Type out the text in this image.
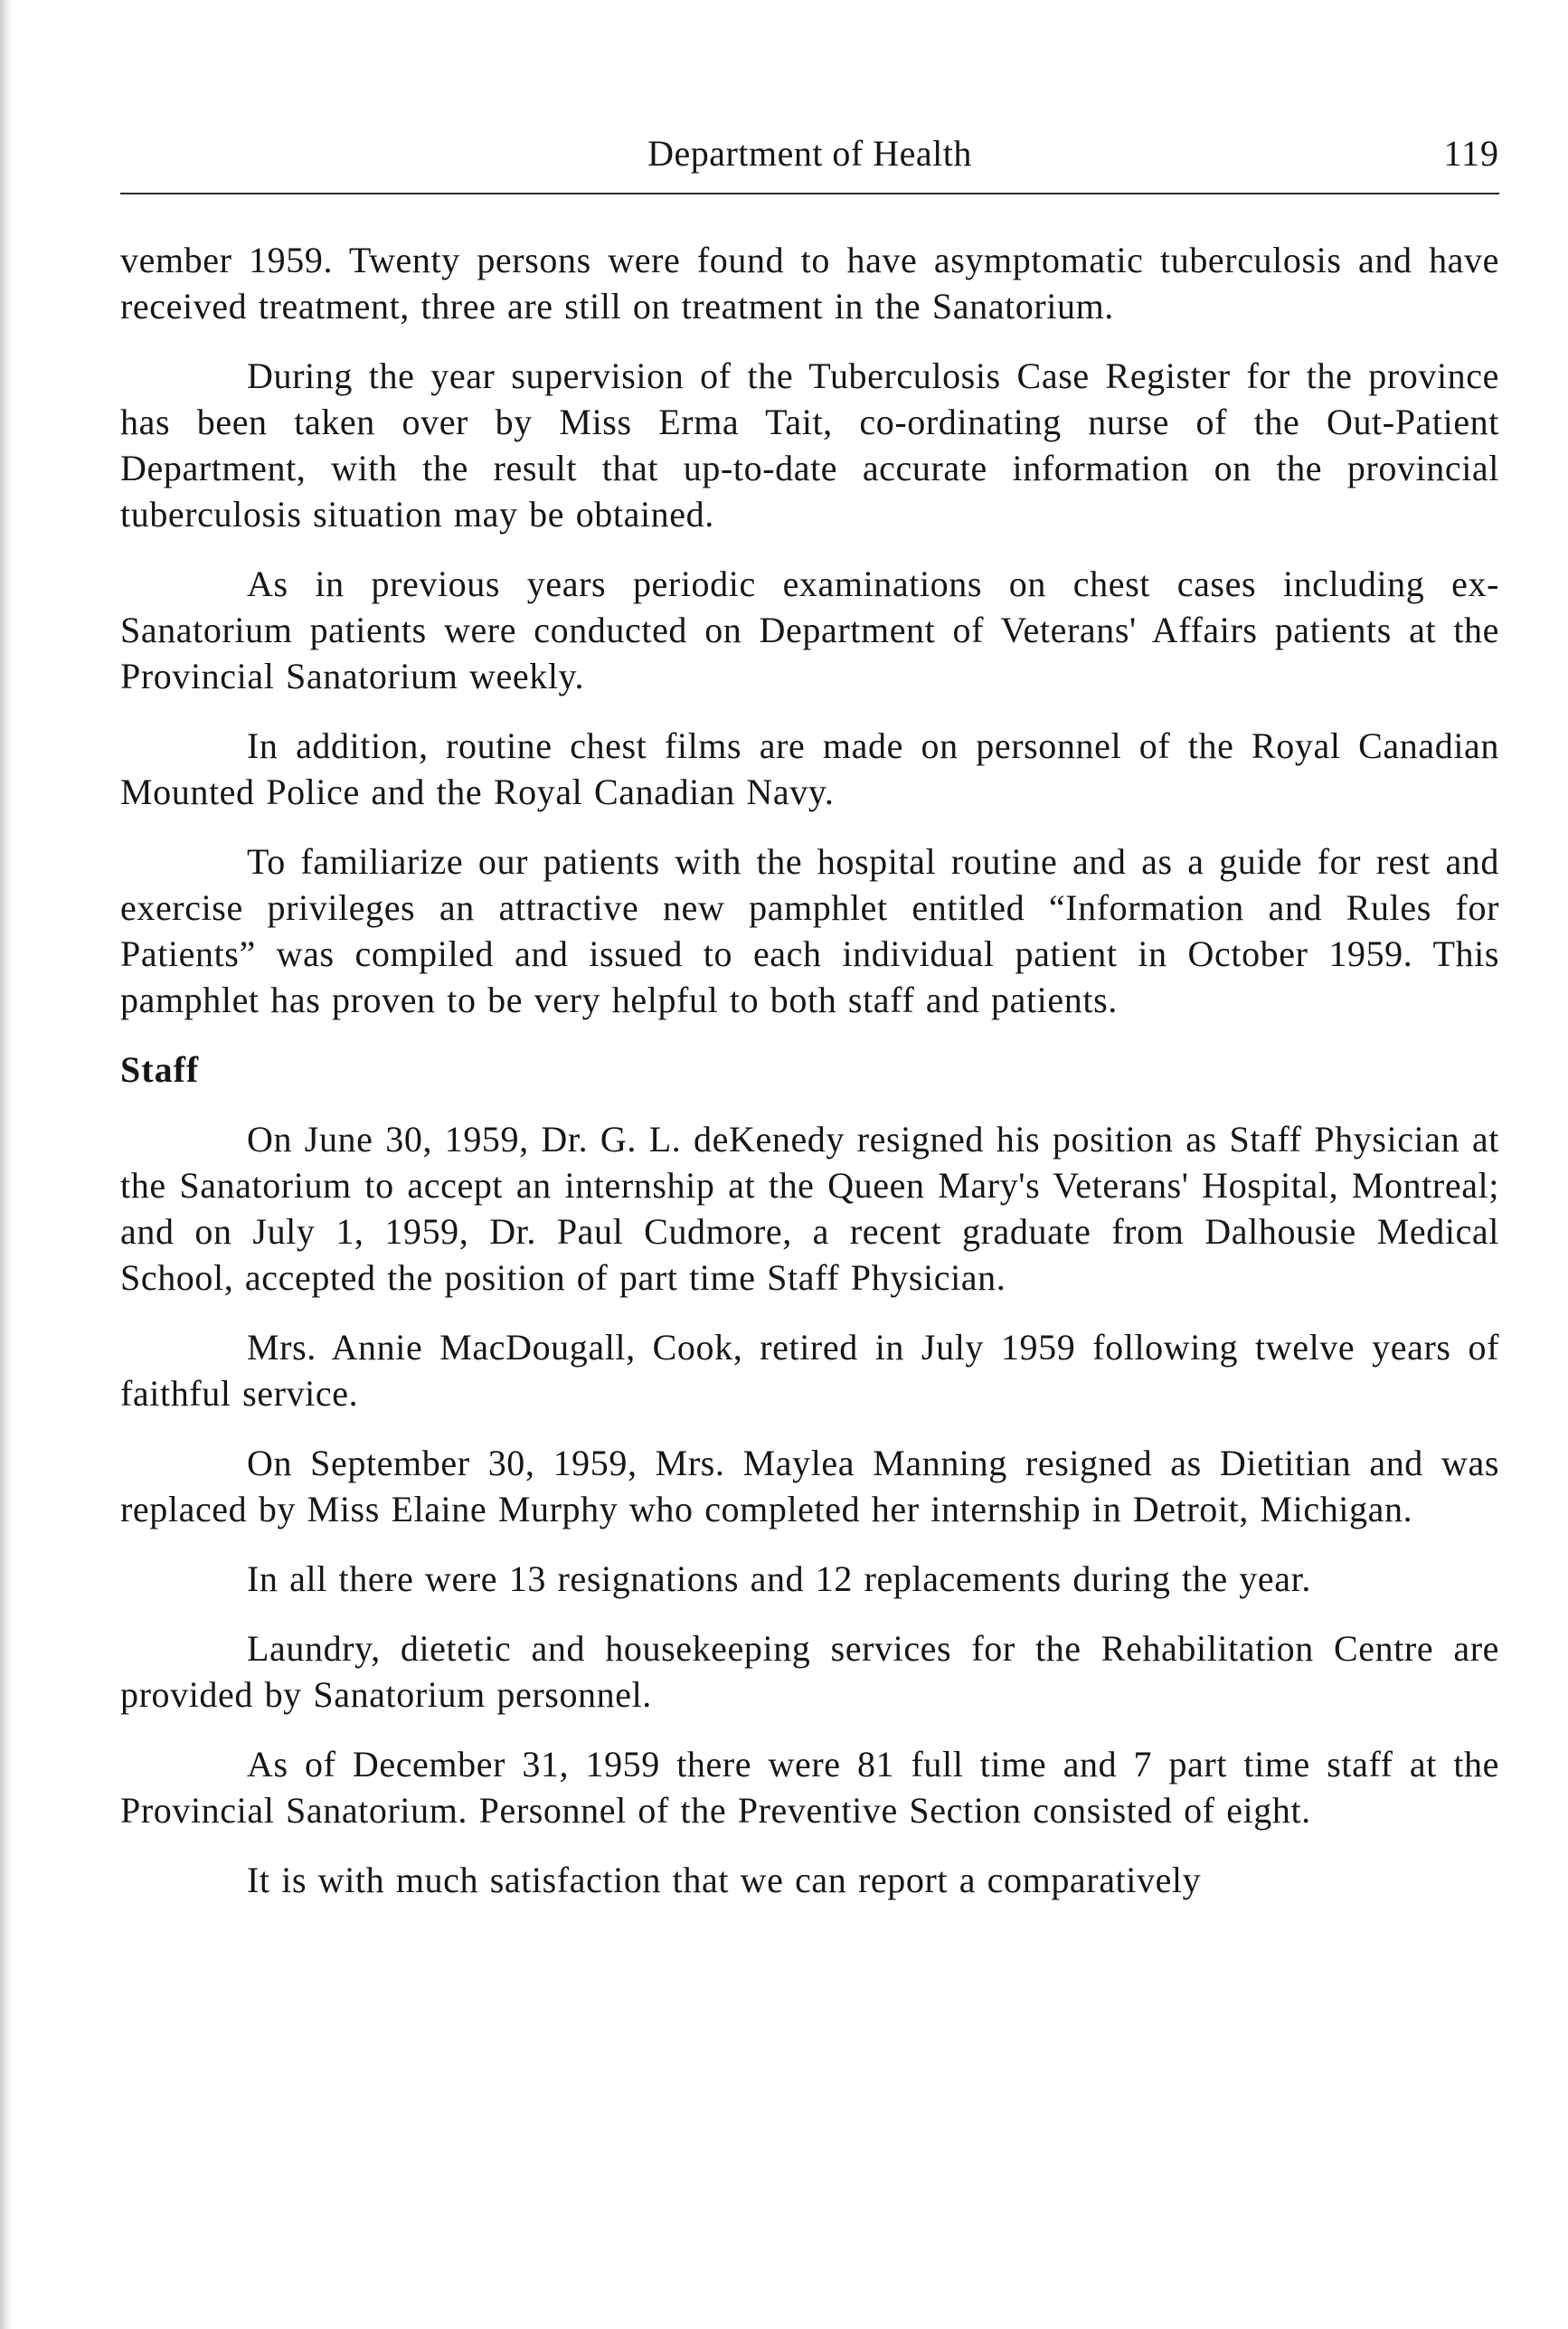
Department of Health	119

vember 1959. Twenty persons were found to have asymptomatic tuberculosis and have received treatment, three are still on treatment in the Sanatorium.

During the year supervision of the Tuberculosis Case Register for the province has been taken over by Miss Erma Tait, co-ordinating nurse of the Out-Patient Department, with the result that up-to-date accurate information on the provincial tuberculosis situation may be obtained.

As in previous years periodic examinations on chest cases including ex-Sanatorium patients were conducted on Department of Veterans' Affairs patients at the Provincial Sanatorium weekly.

In addition, routine chest films are made on personnel of the Royal Canadian Mounted Police and the Royal Canadian Navy.

To familiarize our patients with the hospital routine and as a guide for rest and exercise privileges an attractive new pamphlet entitled “Information and Rules for Patients” was compiled and issued to each individual patient in October 1959. This pamphlet has proven to be very helpful to both staff and patients.

Staff

On June 30, 1959, Dr. G. L. deKenedy resigned his position as Staff Physician at the Sanatorium to accept an internship at the Queen Mary's Veterans' Hospital, Montreal; and on July 1, 1959, Dr. Paul Cudmore, a recent graduate from Dalhousie Medical School, accepted the position of part time Staff Physician.

Mrs. Annie MacDougall, Cook, retired in July 1959 following twelve years of faithful service.

On September 30, 1959, Mrs. Maylea Manning resigned as Dietitian and was replaced by Miss Elaine Murphy who completed her internship in Detroit, Michigan.

In all there were 13 resignations and 12 replacements during the year.

Laundry, dietetic and housekeeping services for the Rehabilitation Centre are provided by Sanatorium personnel.

As of December 31, 1959 there were 81 full time and 7 part time staff at the Provincial Sanatorium. Personnel of the Preventive Section consisted of eight.

It is with much satisfaction that we can report a comparatively
